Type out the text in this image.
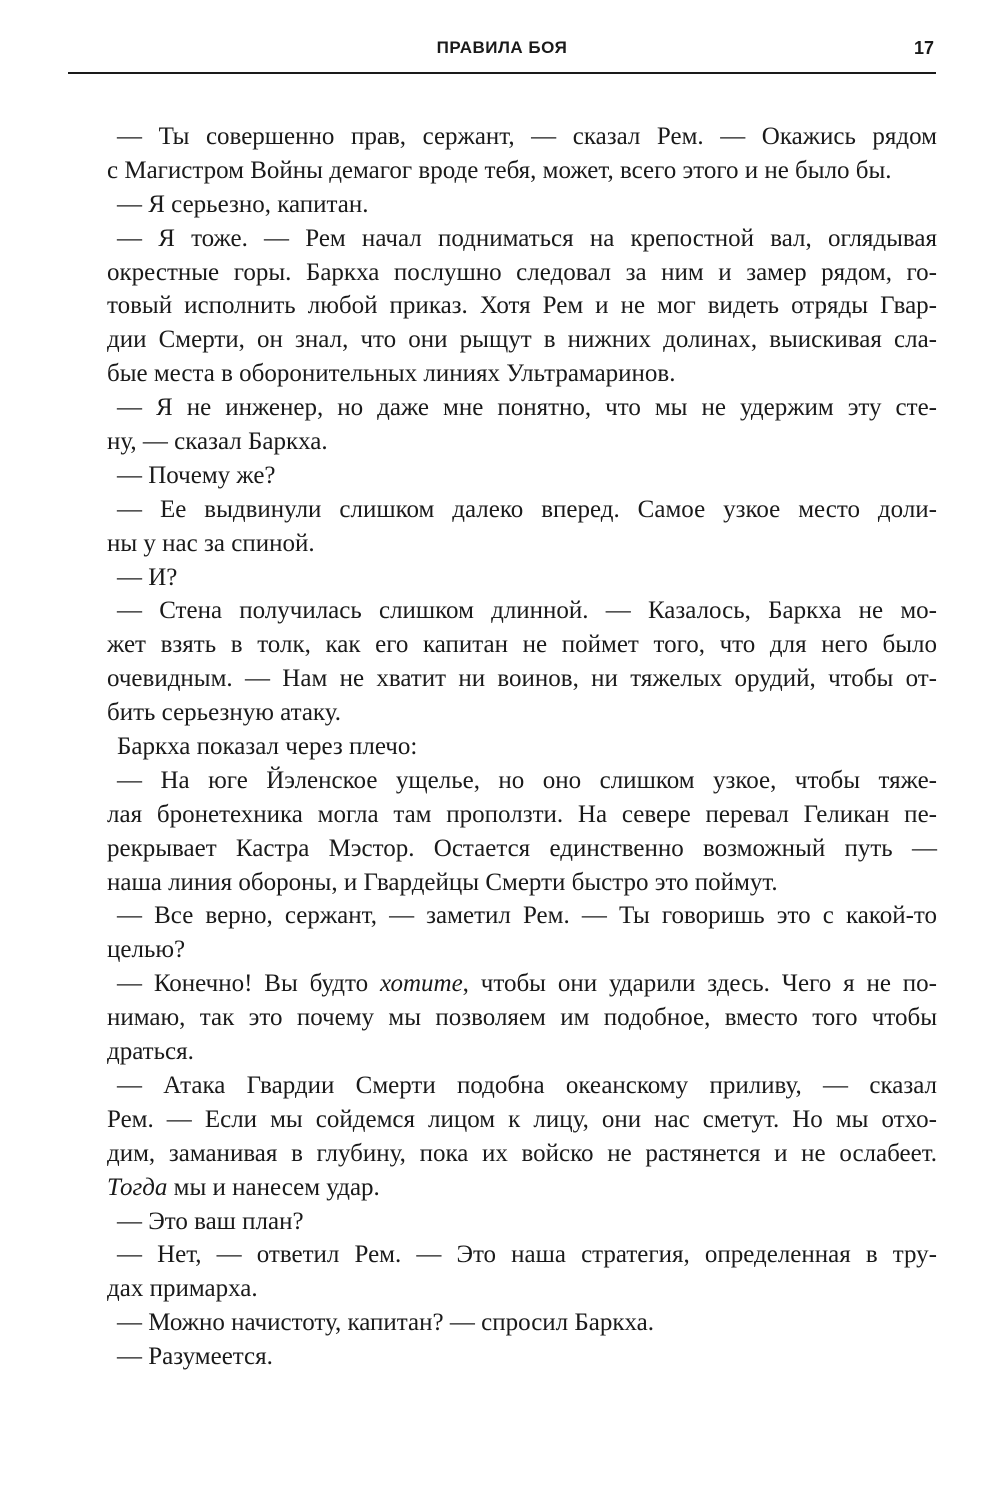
ПРАВИЛА БОЯ	17
— Ты совершенно прав, сержант, — сказал Рем. — Окажись рядом
с Магистром Войны демагог вроде тебя, может, всего этого и не было бы.
— Я серьезно, капитан.
— Я тоже. — Рем начал подниматься на крепостной вал, оглядывая
окрестные горы. Баркха послушно следовал за ним и замер рядом, го-
товый исполнить любой приказ. Хотя Рем и не мог видеть отряды Гвар-
дии Смерти, он знал, что они рыщут в нижних долинах, выискивая сла-
бые места в оборонительных линиях Ультрамаринов.
— Я не инженер, но даже мне понятно, что мы не удержим эту сте-
ну, — сказал Баркха.
— Почему же?
— Ее выдвинули слишком далеко вперед. Самое узкое место доли-
ны у нас за спиной.
— И?
— Стена получилась слишком длинной. — Казалось, Баркха не мо-
жет взять в толк, как его капитан не поймет того, что для него было
очевидным. — Нам не хватит ни воинов, ни тяжелых орудий, чтобы от-
бить серьезную атаку.
Баркха показал через плечо:
— На юге Йэленское ущелье, но оно слишком узкое, чтобы тяже-
лая бронетехника могла там проползти. На севере перевал Геликан пе-
рекрывает Кастра Мэстор. Остается единственно возможный путь —
наша линия обороны, и Гвардейцы Смерти быстро это поймут.
— Все верно, сержант, — заметил Рем. — Ты говоришь это с какой-то
целью?
— Конечно! Вы будто хотите, чтобы они ударили здесь. Чего я не по-
нимаю, так это почему мы позволяем им подобное, вместо того чтобы
драться.
— Атака Гвардии Смерти подобна океанскому приливу, — сказал
Рем. — Если мы сойдемся лицом к лицу, они нас сметут. Но мы отхо-
дим, заманивая в глубину, пока их войско не растянется и не ослабеет.
Тогда мы и нанесем удар.
— Это ваш план?
— Нет, — ответил Рем. — Это наша стратегия, определенная в тру-
дах примарха.
— Можно начистоту, капитан? — спросил Баркха.
— Разумеется.
